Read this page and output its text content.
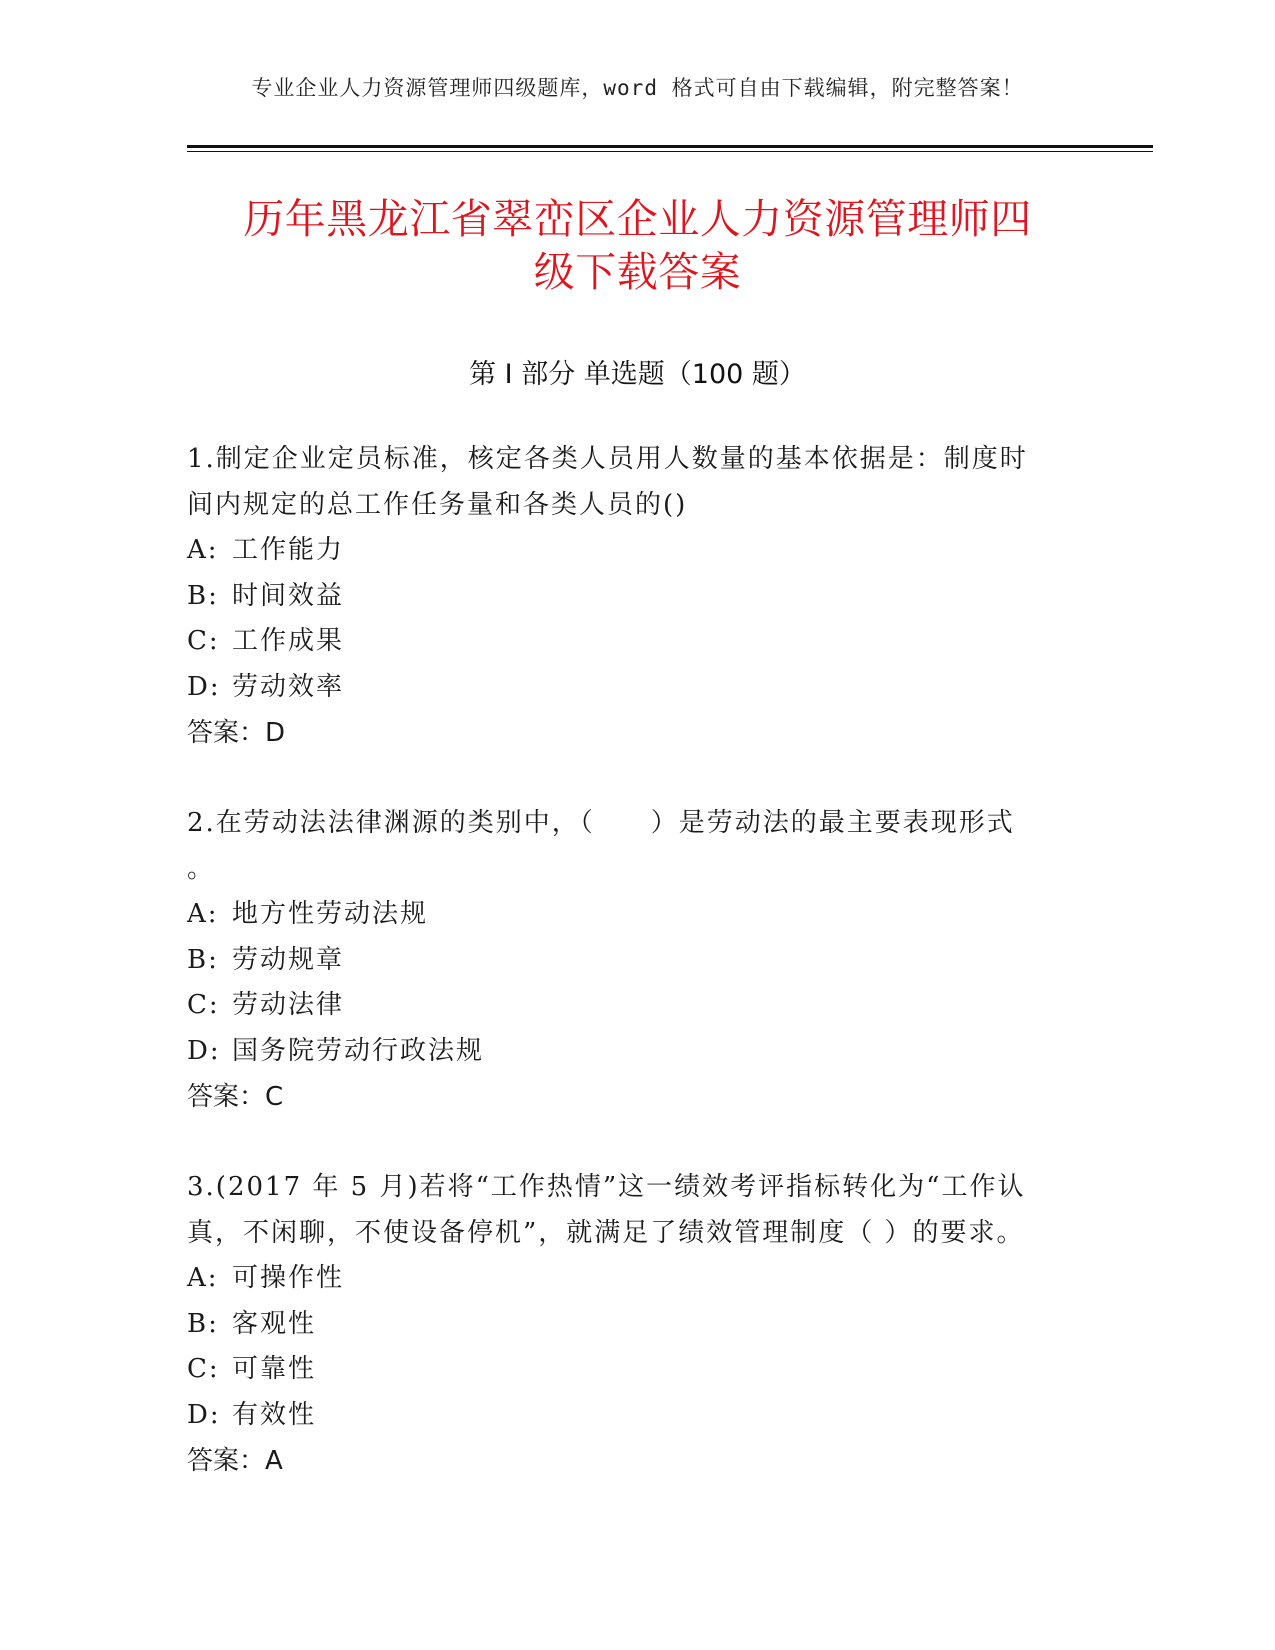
专业企业人力资源管理师四级题库，word 格式可自由下载编辑，附完整答案！
历年黑龙江省翠峦区企业人力资源管理师四
级下载答案
第 I 部分 单选题（100 题）

1.制定企业定员标准，核定各类人员用人数量的基本依据是：制度时
间内规定的总工作任务量和各类人员的()

A: 工作能力

B: 时间效益

C: 工作成果

D: 劳动效率

答案：D

2.在劳动法法律渊源的类别中，（　　）是劳动法的最主要表现形式
。

A: 地方性劳动法规

B: 劳动规章

C: 劳动法律

D: 国务院劳动行政法规

答案：C

3.(2017 年 5 月)若将“工作热情”这一绩效考评指标转化为“工作认
真，不闲聊，不使设备停机”，就满足了绩效管理制度（ ）的要求。

A: 可操作性

B: 客观性

C: 可靠性

D: 有效性

答案：A
